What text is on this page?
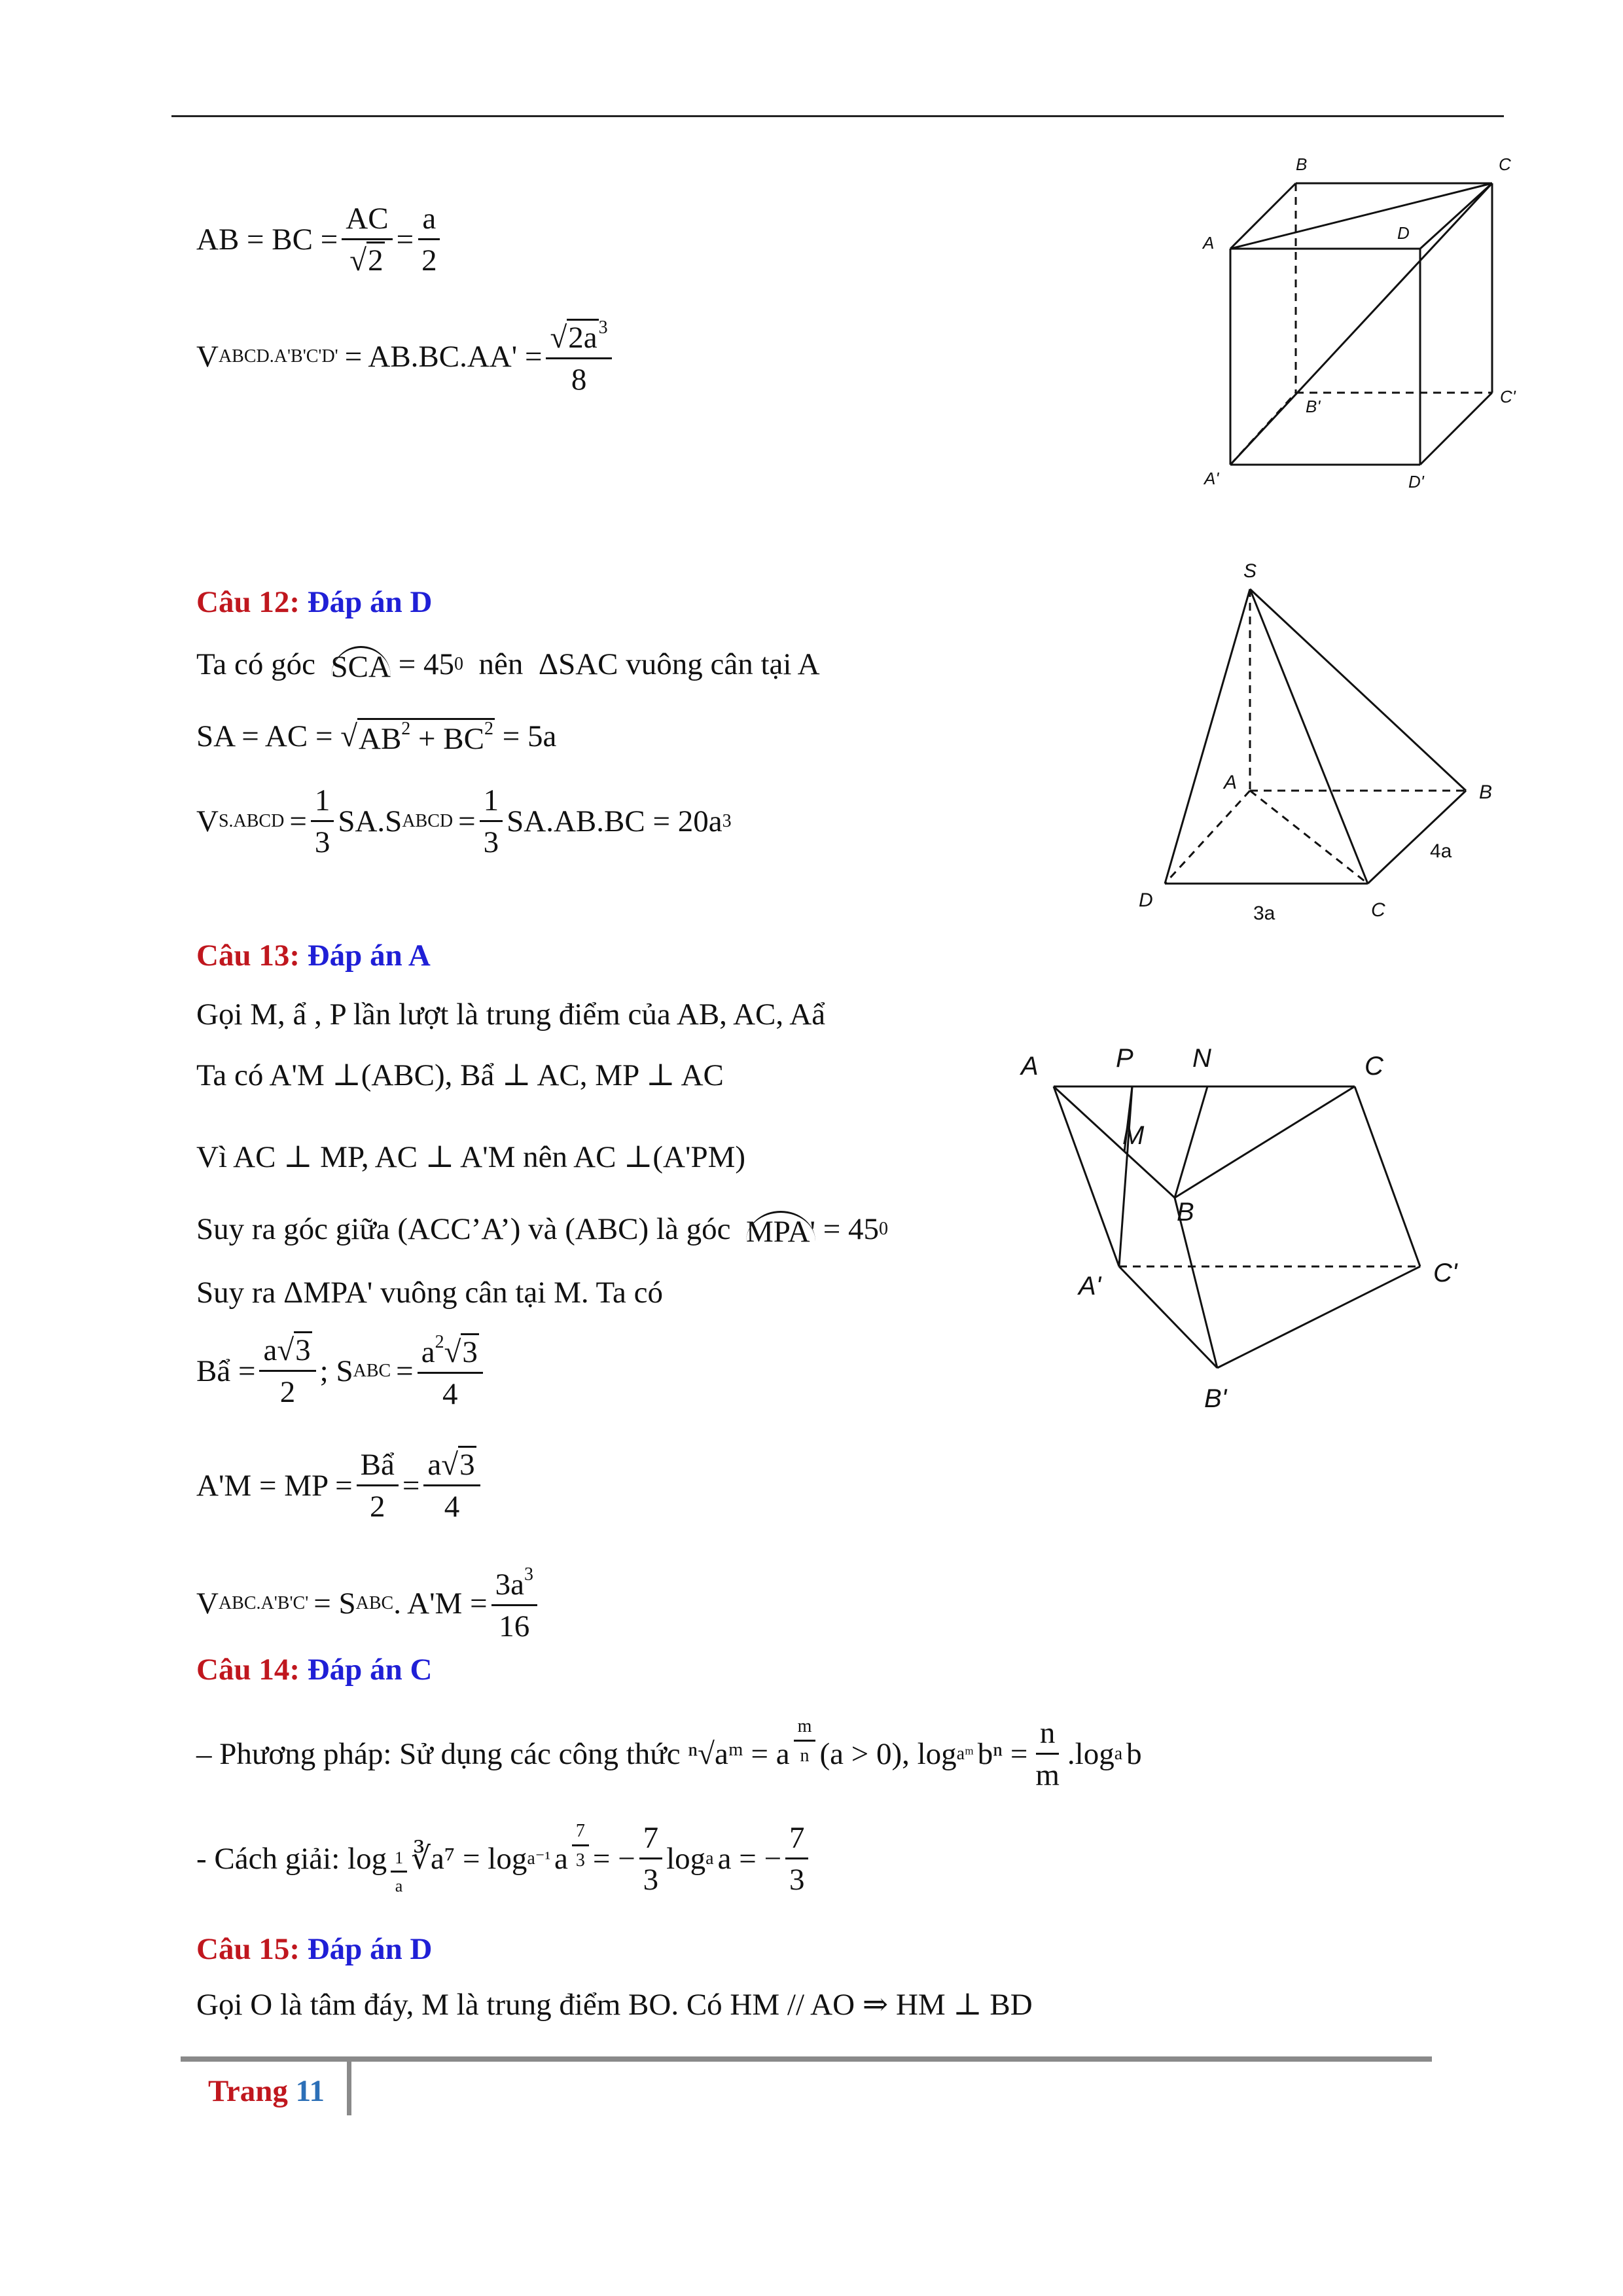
AB = BC = $\frac{AC}{√2} = \frac{a}{2}$
V ABCD.A'B'C'D' = $AB.BC.AA' = \frac{√2a^3}{8}$
B	C
A	D
B'	C'
A'	D'
Câu 12: Đáp án D
Ta có góc
SCA
= 45 0
nên
ΔSAC
vuông cân tại A
SA = AC = √ $AB^2 + BC^2$
= 5a
V S.ABCD = $\frac{1}{3} SA.S$ ABCD = $\frac{1}{3} SA.AB.BC = 20a$ 3
S
A	B
C
D
4a
3a
Câu 13: Đáp án A
Gọi M, ẩ , P lần lượt là trung điểm của AB, AC, Aẩ
Ta có A'M ⊥ (ABC) , Bẩ ⊥ AC, MP ⊥ AC
Vì AC ⊥ MP, AC ⊥ A'M nên AC ⊥ (A'PM)
Suy ra góc giữa (ACC’A’) và (ABC) là góc
MPA'
= 45 0
Suy ra ΔMPA' vuông cân tại M. Ta có
Bẩ = $\frac{a√3}{2}$ ; S ABC = $\frac{a^2√3}{4}$
A'M = MP = $\frac{\text{Bẩ}}{2} = \frac{a√3}{4}$
V ABC.A'B'C' = S ABC . $A'M = \frac{3a^3}{16}$
A	P N	C
M
B
A'	C'
B'
Câu 14: Đáp án C
– Phương pháp: Sử dụng các công thức
ⁿ√aᵐ = a $\frac{m}{n} (a > 0)$, log aᵐ $b^n = \frac{n}{m} .\log$ a b
- Cách giải:
$\log \frac{1}{a}$ ∛a⁷
= log a⁻¹ a $\frac{7}{3}$ = − $\frac{7}{3}$ log a a = − $\frac{7}{3}$
Câu 15: Đáp án D
Gọi O là tâm đáy, M là trung điểm BO. Có HM // AO ⇒ HM ⊥ BD
Trang 11
